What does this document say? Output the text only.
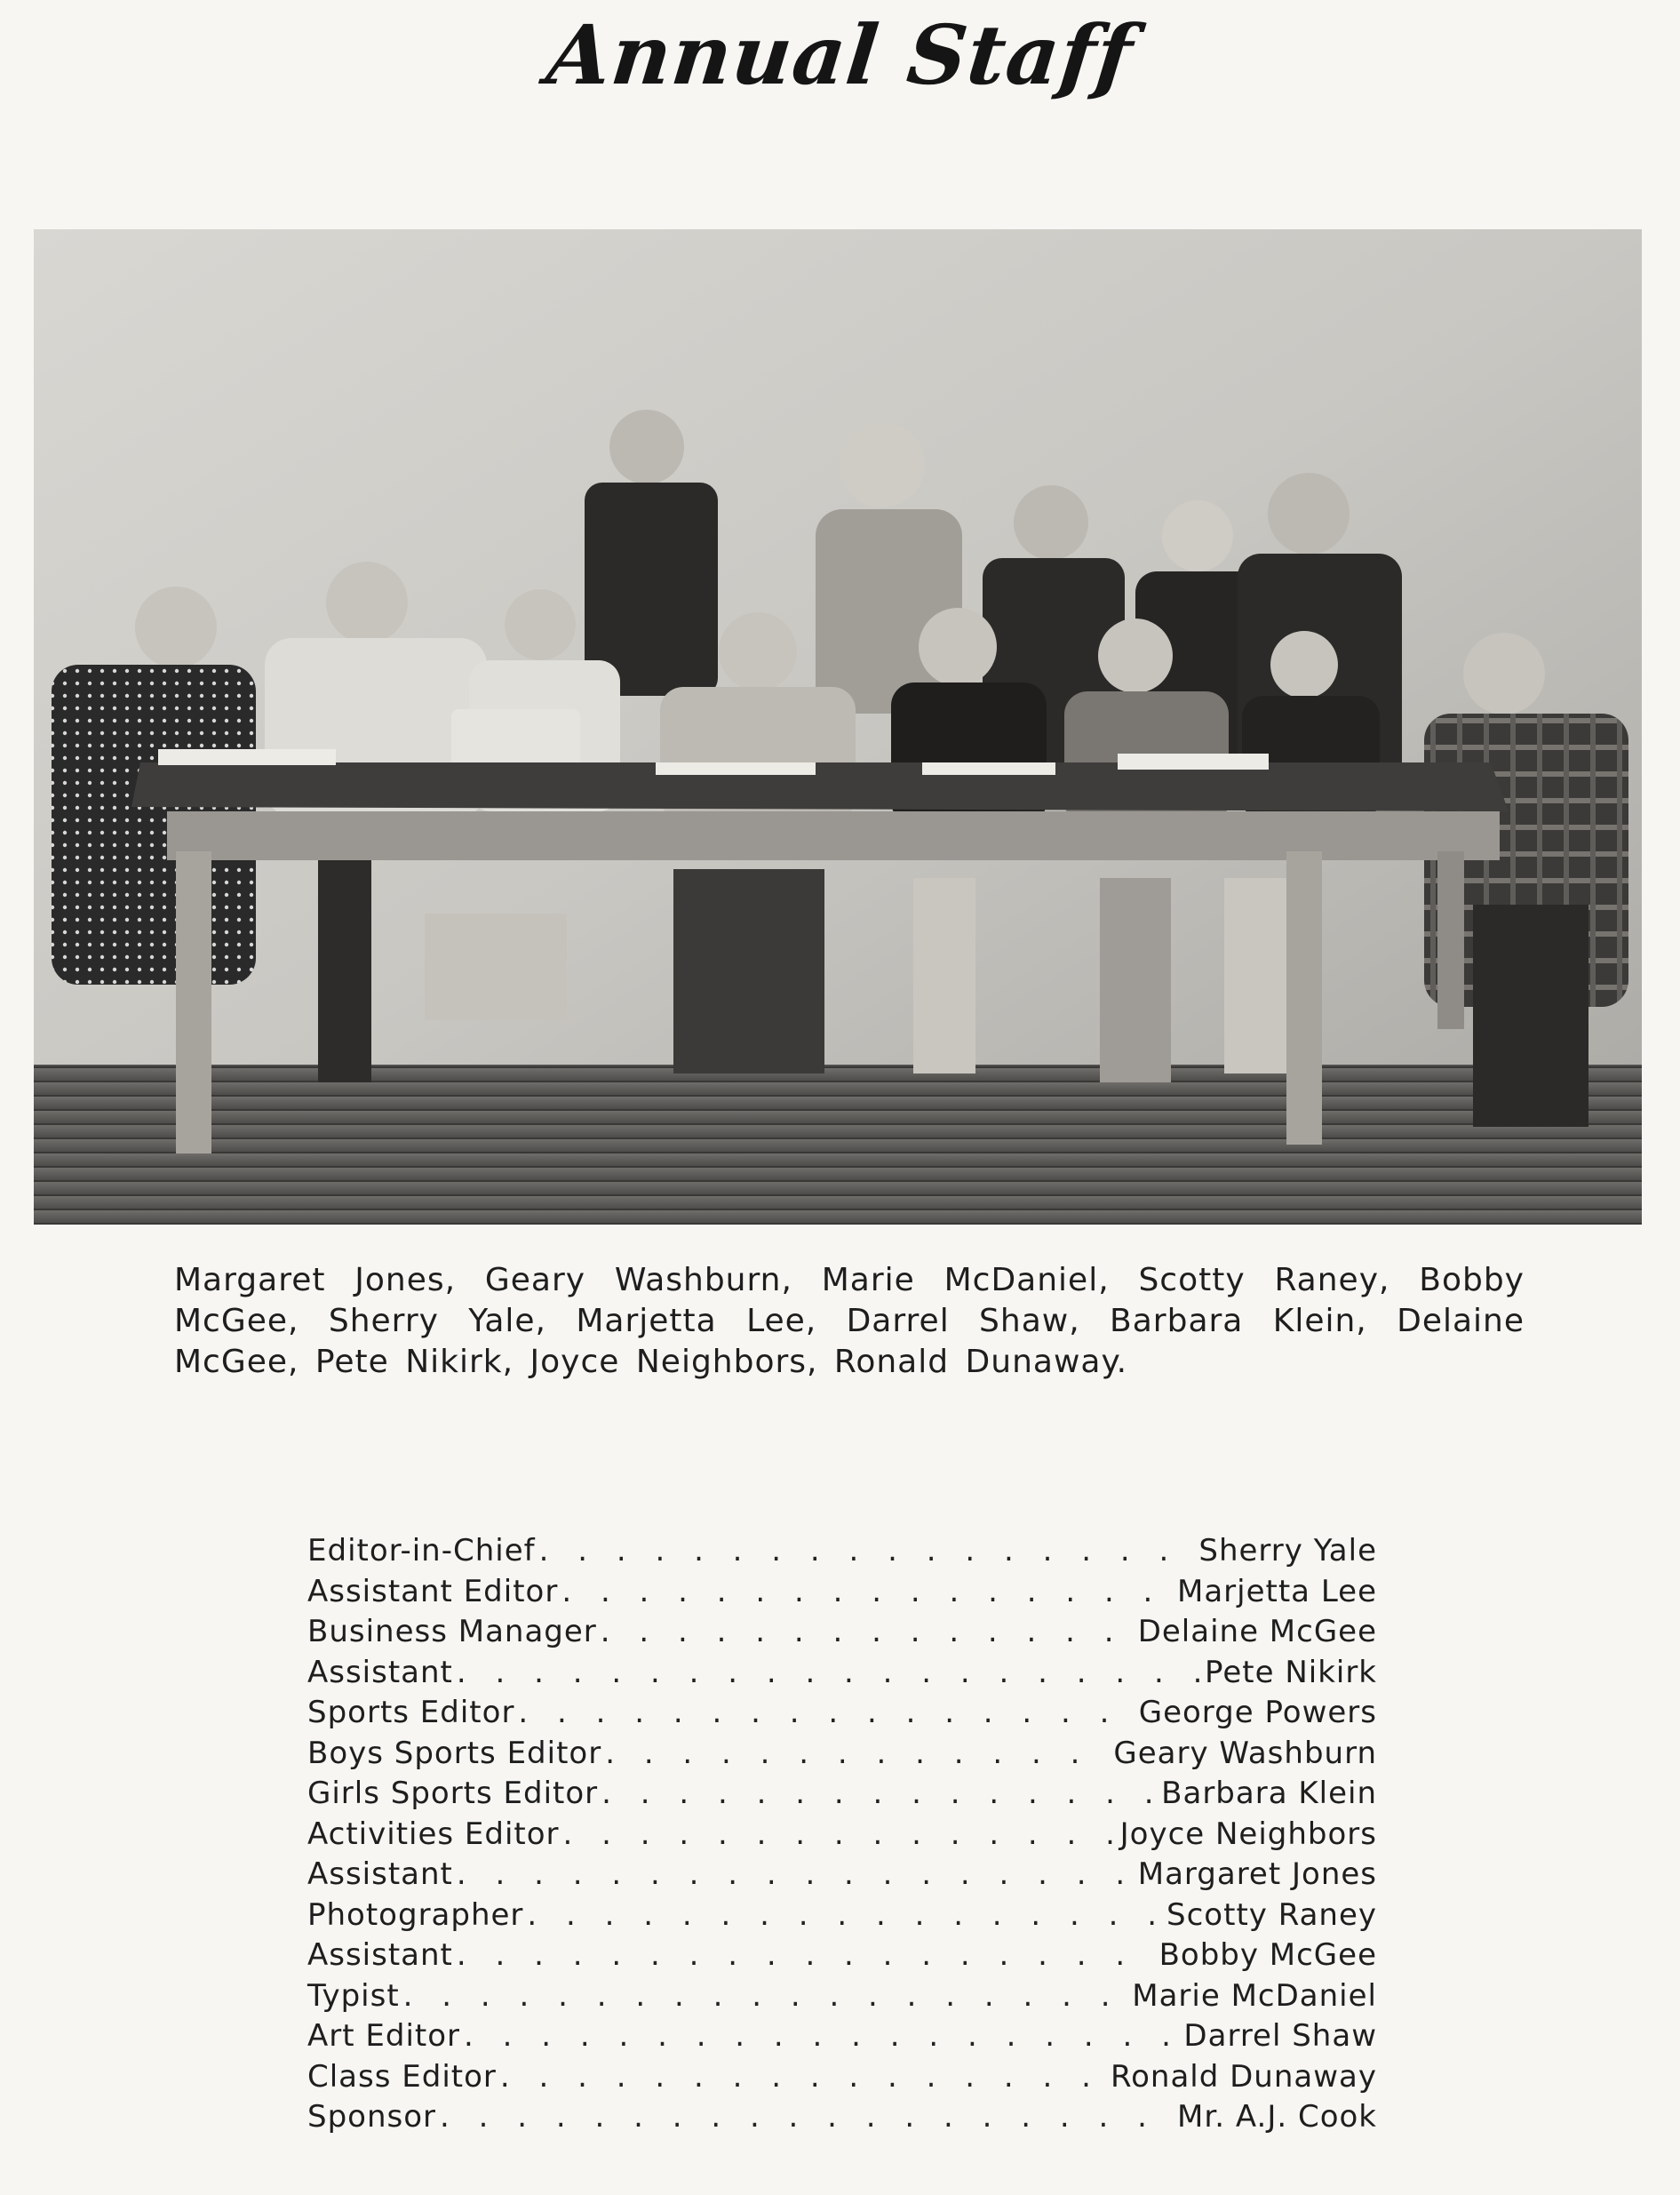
Annual Staff
Margaret Jones, Geary Washburn, Marie McDaniel, Scotty Raney, Bobby McGee, Sherry Yale, Marjetta Lee, Darrel Shaw, Barbara Klein, Delaine McGee, Pete Nikirk, Joyce Neighbors, Ronald Dunaway.
Editor-in-Chief . . .	Sherry Yale
Assistant Editor . . .	Marjetta Lee
Business Manager . . .	Delaine McGee
Assistant . . .	Pete Nikirk
Sports Editor . . .	George Powers
Boys Sports Editor . . .	Geary Washburn
Girls Sports Editor . . .	Barbara Klein
Activities Editor . . .	Joyce Neighbors
Assistant . . .	Margaret Jones
Photographer . . .	Scotty Raney
Assistant . . .	Bobby McGee
Typist . . .	Marie McDaniel
Art Editor . . .	Darrel Shaw
Class Editor . . .	Ronald Dunaway
Sponsor . . .	Mr. A.J. Cook
